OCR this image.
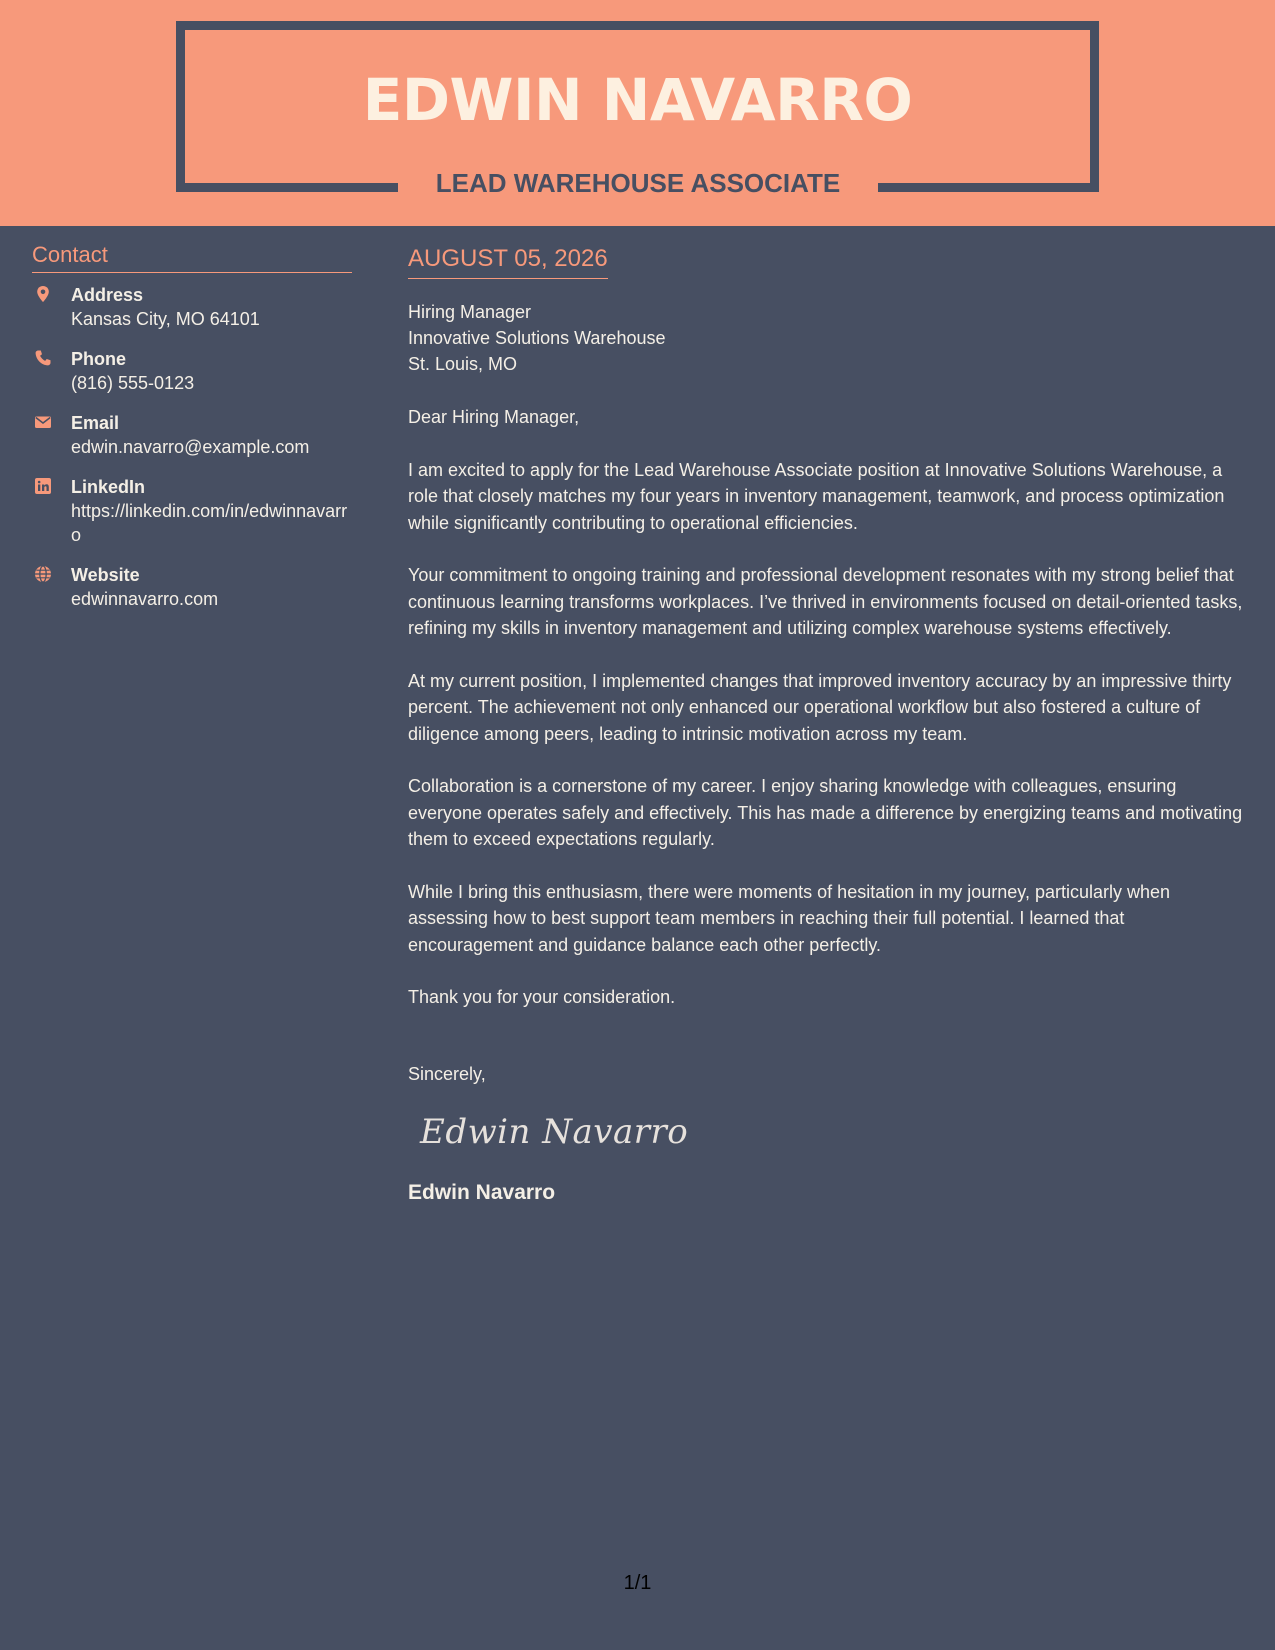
EDWIN NAVARRO
LEAD WAREHOUSE ASSOCIATE
Contact
Address
Kansas City, MO 64101
Phone
(816) 555-0123
Email
edwin.navarro@example.com
LinkedIn
https://linkedin.com/in/edwinnavarro
Website
edwinnavarro.com
AUGUST 05, 2026
Hiring Manager
Innovative Solutions Warehouse
St. Louis, MO

Dear Hiring Manager,

I am excited to apply for the Lead Warehouse Associate position at Innovative Solutions Warehouse, a role that closely matches my four years in inventory management, teamwork, and process optimization while significantly contributing to operational efficiencies.

Your commitment to ongoing training and professional development resonates with my strong belief that continuous learning transforms workplaces. I’ve thrived in environments focused on detail-oriented tasks, refining my skills in inventory management and utilizing complex warehouse systems effectively.

At my current position, I implemented changes that improved inventory accuracy by an impressive thirty percent. The achievement not only enhanced our operational workflow but also fostered a culture of diligence among peers, leading to intrinsic motivation across my team.

Collaboration is a cornerstone of my career. I enjoy sharing knowledge with colleagues, ensuring everyone operates safely and effectively. This has made a difference by energizing teams and motivating them to exceed expectations regularly.

While I bring this enthusiasm, there were moments of hesitation in my journey, particularly when assessing how to best support team members in reaching their full potential. I learned that encouragement and guidance balance each other perfectly.

Thank you for your consideration.

Sincerely,

Edwin Navarro
Edwin Navarro
1/1
